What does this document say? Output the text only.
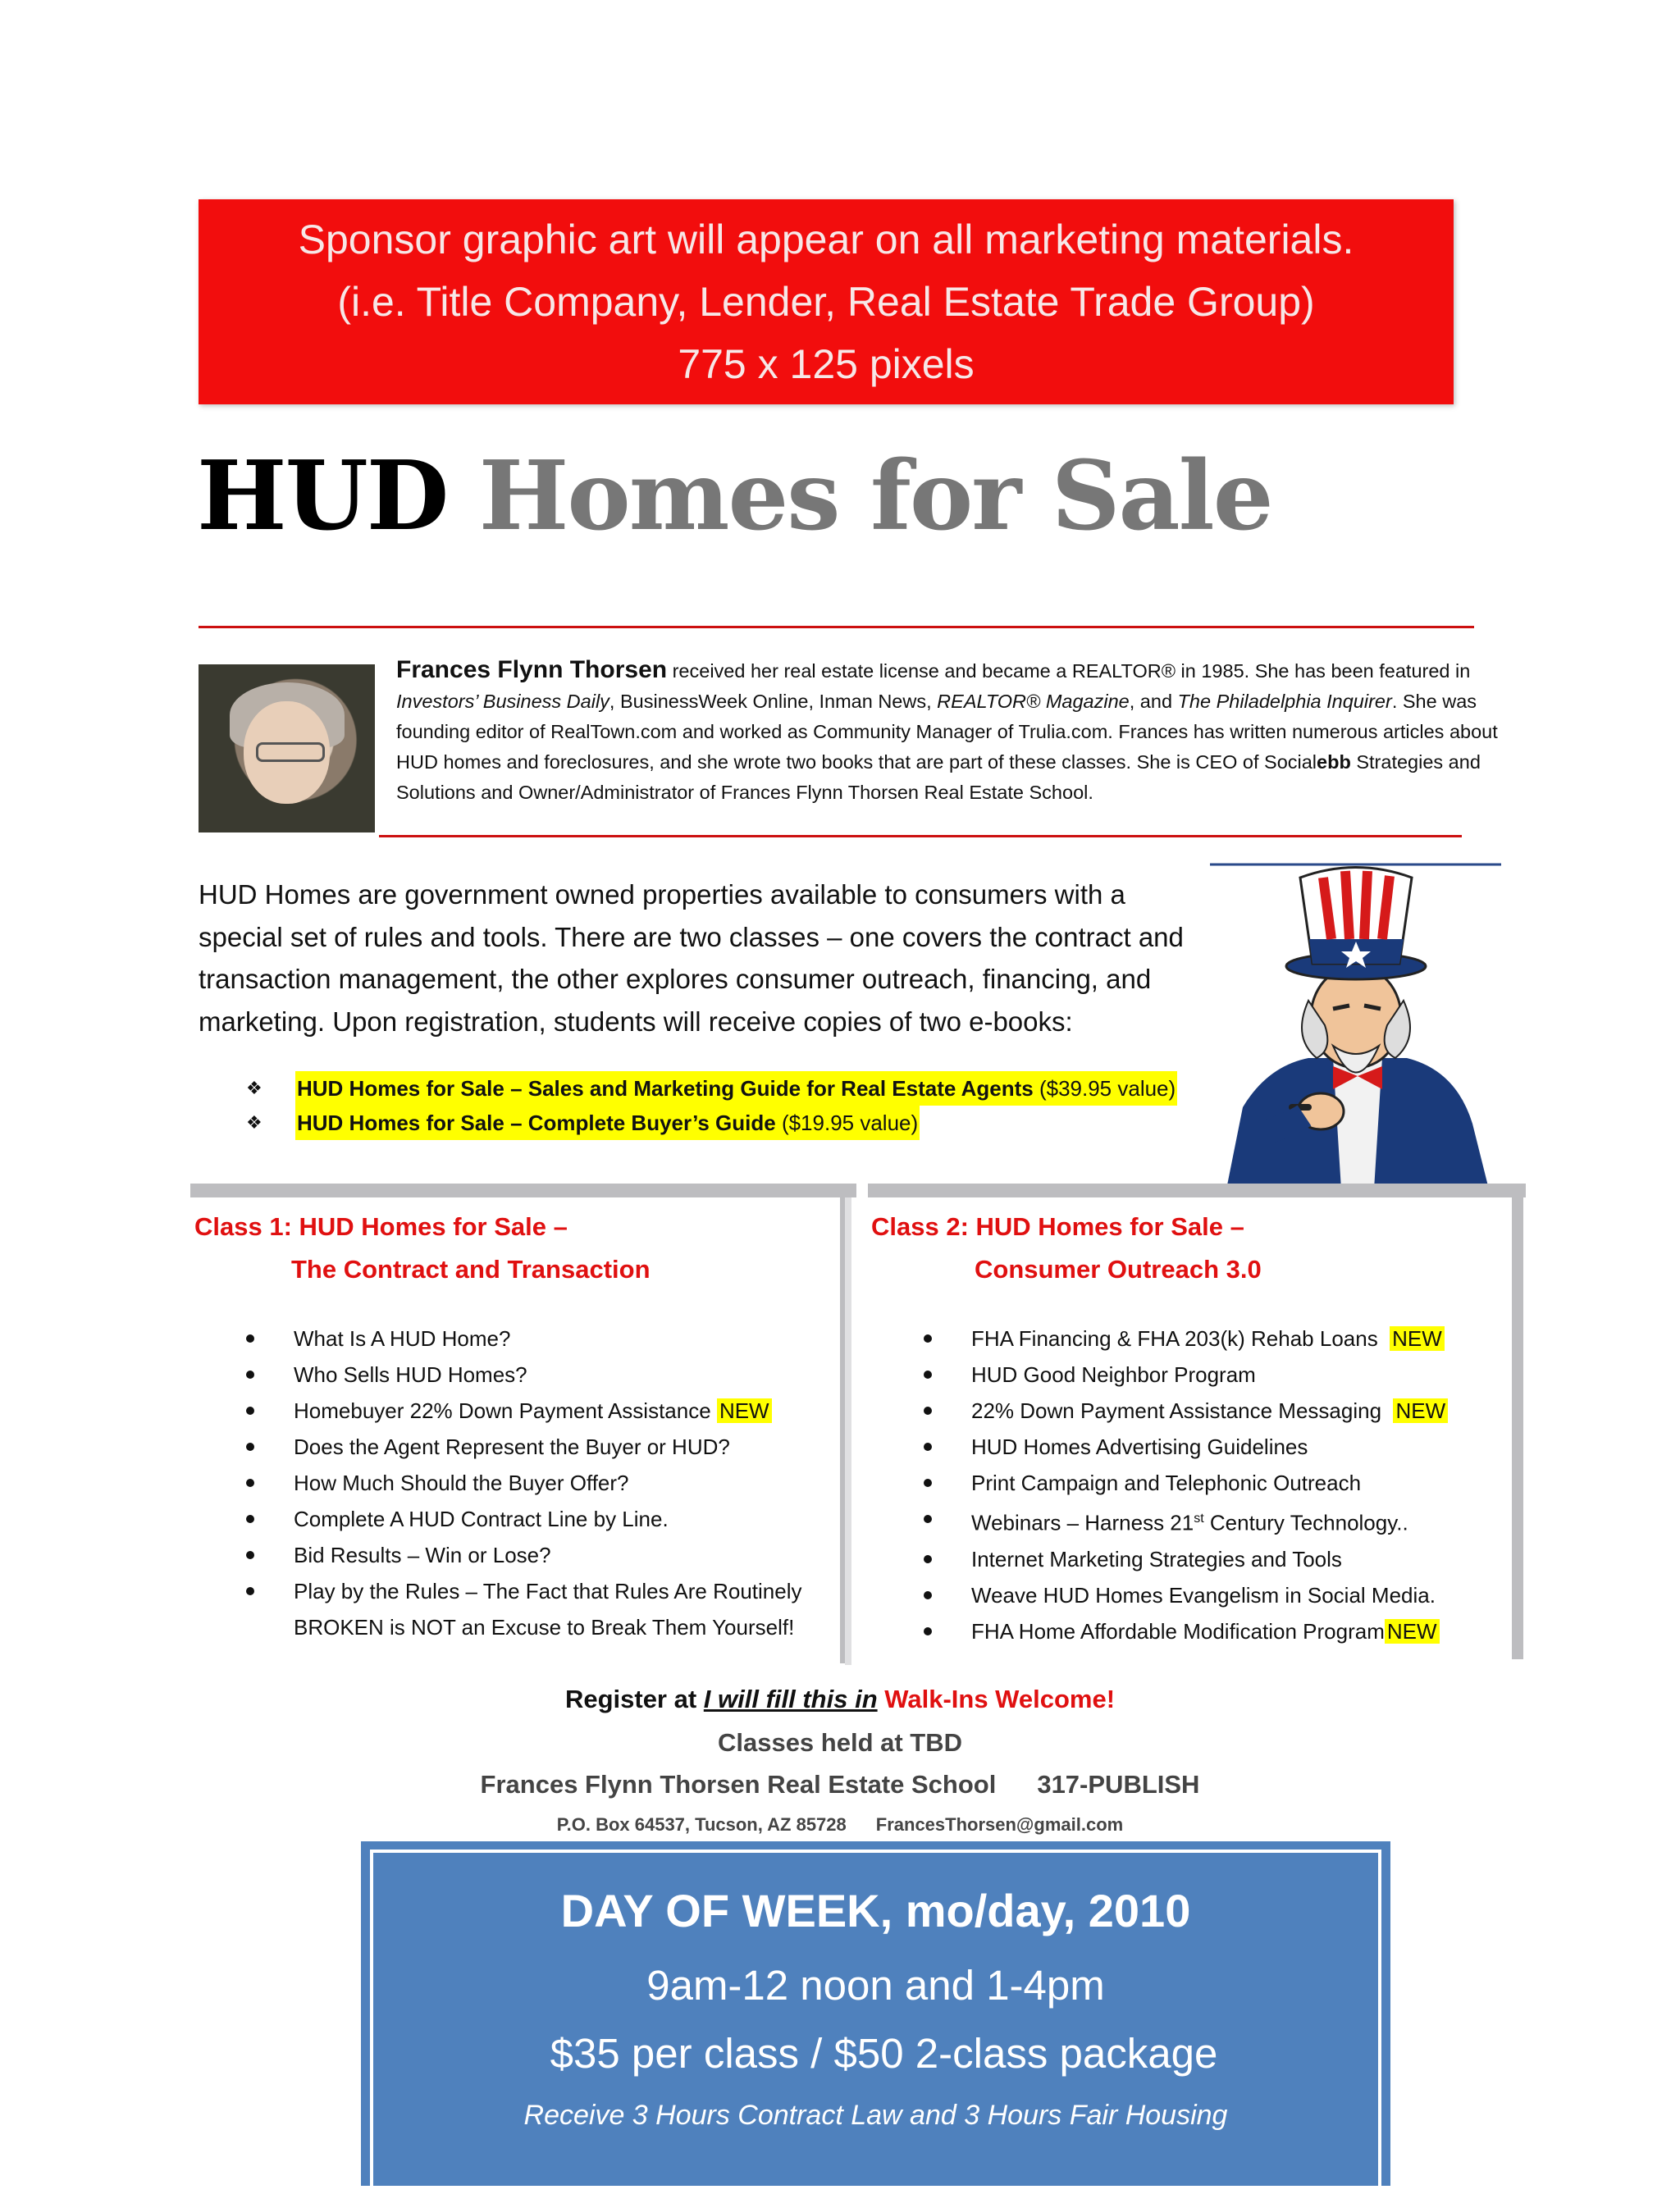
Sponsor graphic art will appear on all marketing materials.
(i.e. Title Company, Lender, Real Estate Trade Group)
775 x 125 pixels
HUD Homes for Sale
Frances Flynn Thorsen received her real estate license and became a REALTOR® in 1985. She has been featured in Investors’ Business Daily, BusinessWeek Online, Inman News, REALTOR® Magazine, and The Philadelphia Inquirer. She was founding editor of RealTown.com and worked as Community Manager of Trulia.com. Frances has written numerous articles about HUD homes and foreclosures, and she wrote two books that are part of these classes. She is CEO of Socialebb Strategies and Solutions and Owner/Administrator of Frances Flynn Thorsen Real Estate School.
HUD Homes are government owned properties available to consumers with a special set of rules and tools. There are two classes – one covers the contract and transaction management, the other explores consumer outreach, financing, and marketing. Upon registration, students will receive copies of two e-books:
❖	HUD Homes for Sale – Sales and Marketing Guide for Real Estate Agents ($39.95 value)
❖	HUD Homes for Sale – Complete Buyer’s Guide ($19.95 value)
Class 1: HUD Homes for Sale –
The Contract and Transaction
What Is A HUD Home?
Who Sells HUD Homes?
Homebuyer 22% Down Payment Assistance NEW
Does the Agent Represent the Buyer or HUD?
How Much Should the Buyer Offer?
Complete A HUD Contract Line by Line.
Bid Results – Win or Lose?
Play by the Rules – The Fact that Rules Are Routinely
BROKEN is NOT an Excuse to Break Them Yourself!
Class 2: HUD Homes for Sale –
Consumer Outreach 3.0
FHA Financing & FHA 203(k) Rehab Loans NEW
HUD Good Neighbor Program
22% Down Payment Assistance Messaging NEW
HUD Homes Advertising Guidelines
Print Campaign and Telephonic Outreach
Webinars – Harness 21st Century Technology..
Internet Marketing Strategies and Tools
Weave HUD Homes Evangelism in Social Media.
FHA Home Affordable Modification Program NEW
Register at I will fill this in Walk-Ins Welcome!
Classes held at TBD
Frances Flynn Thorsen Real Estate School 317-PUBLISH
P.O. Box 64537, Tucson, AZ 85728 FrancesThorsen@gmail.com
DAY OF WEEK, mo/day, 2010
9am-12 noon and 1-4pm
$35 per class / $50 2-class package
Receive 3 Hours Contract Law and 3 Hours Fair Housing
